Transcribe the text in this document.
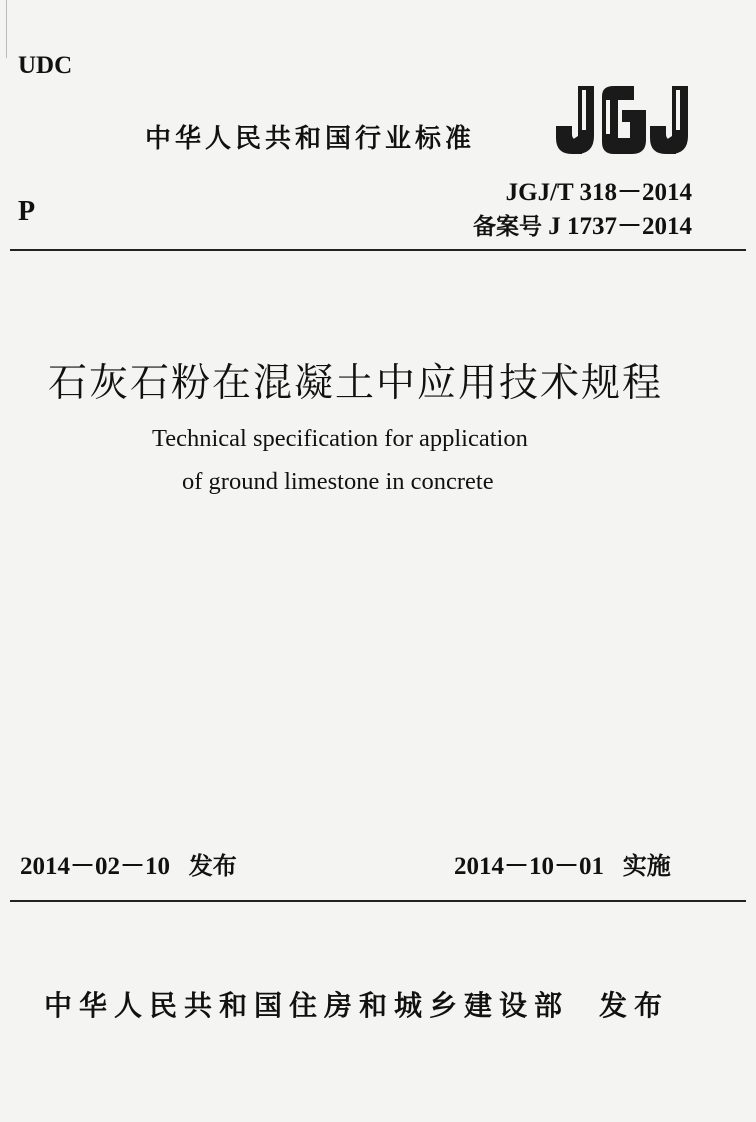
UDC
中华人民共和国行业标准
P
JGJ/T 318－2014
备案号 J 1737－2014
石灰石粉在混凝土中应用技术规程
Technical specification for application
of ground limestone in concrete
2014－02－10 发布	2014－10－01 实施
中华人民共和国住房和城乡建设部 发布
